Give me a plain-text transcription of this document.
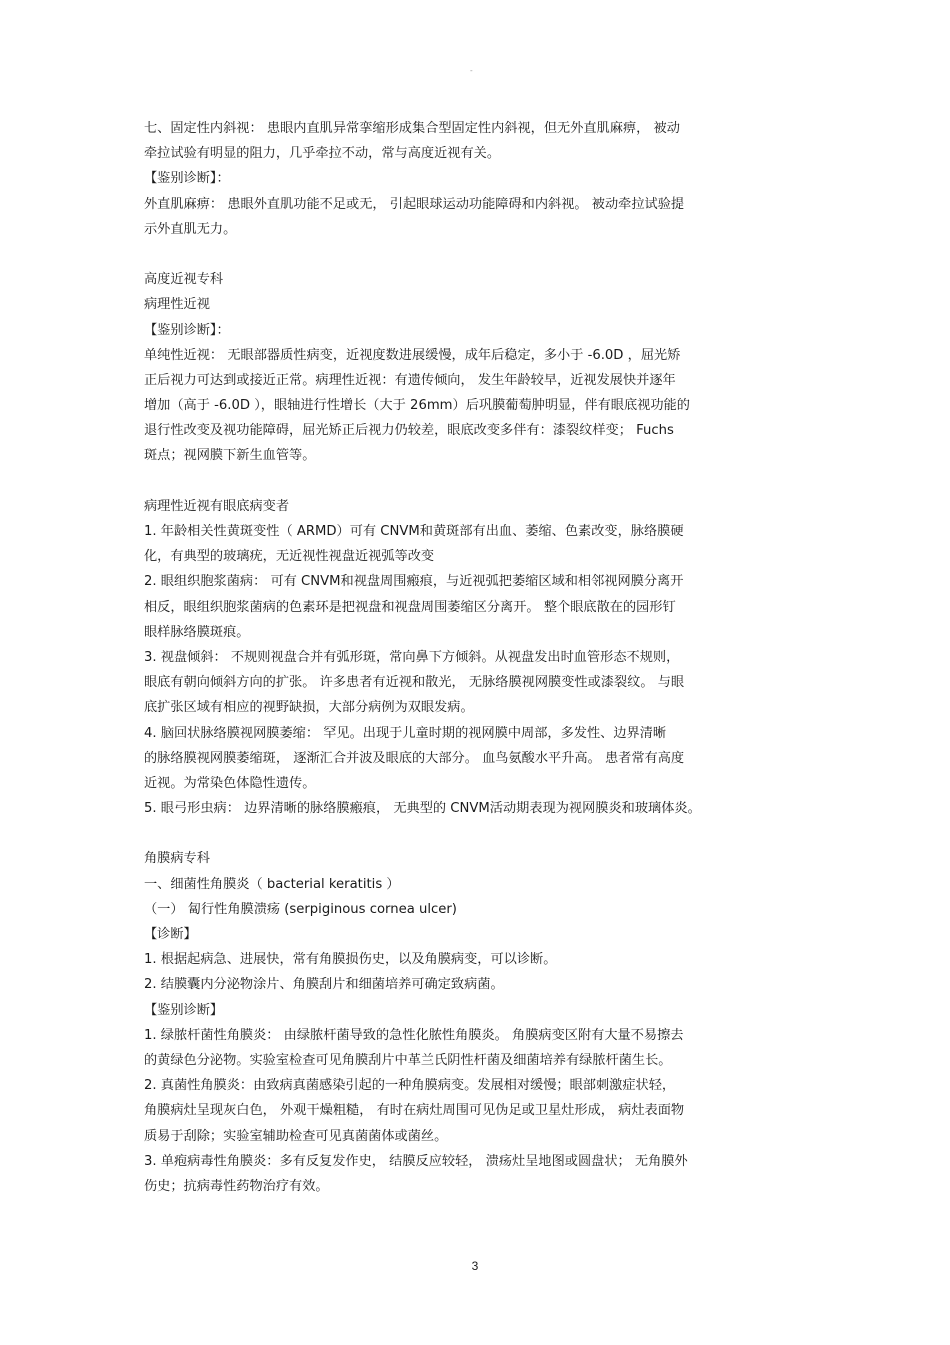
-
七、固定性内斜视： 患眼内直肌异常挛缩形成集合型固定性内斜视，但无外直肌麻痹， 被动
牵拉试验有明显的阻力，几乎牵拉不动，常与高度近视有关。
【鉴别诊断】：
外直肌麻痹： 患眼外直肌功能不足或无， 引起眼球运动功能障碍和内斜视。 被动牵拉试验提
示外直肌无力。
高度近视专科
病理性近视
【鉴别诊断】：
单纯性近视： 无眼部器质性病变，近视度数进展缓慢，成年后稳定，多小于 -6.0D ，屈光矫
正后视力可达到或接近正常。病理性近视：有遗传倾向， 发生年龄较早，近视发展快并逐年
增加（高于 -6.0D ），眼轴进行性增长（大于 26mm）后巩膜葡萄肿明显，伴有眼底视功能的
退行性改变及视功能障碍，屈光矫正后视力仍较差，眼底改变多伴有：漆裂纹样变； Fuchs
斑点；视网膜下新生血管等。
病理性近视有眼底病变者
1. 年龄相关性黄斑变性（ ARMD）可有 CNVM和黄斑部有出血、萎缩、色素改变，脉络膜硬
化，有典型的玻璃疣，无近视性视盘近视弧等改变
2. 眼组织胞浆菌病： 可有 CNVM和视盘周围瘢痕，与近视弧把萎缩区域和相邻视网膜分离开
相反，眼组织胞浆菌病的色素环是把视盘和视盘周围萎缩区分离开。 整个眼底散在的园形钉
眼样脉络膜斑痕。
3. 视盘倾斜： 不规则视盘合并有弧形斑，常向鼻下方倾斜。从视盘发出时血管形态不规则，
眼底有朝向倾斜方向的扩张。 许多患者有近视和散光， 无脉络膜视网膜变性或漆裂纹。 与眼
底扩张区域有相应的视野缺损，大部分病例为双眼发病。
4. 脑回状脉络膜视网膜萎缩： 罕见。出现于儿童时期的视网膜中周部，多发性、边界清晰
的脉络膜视网膜萎缩斑， 逐渐汇合并波及眼底的大部分。 血鸟氨酸水平升高。 患者常有高度
近视。为常染色体隐性遗传。
5. 眼弓形虫病： 边界清晰的脉络膜瘢痕， 无典型的 CNVM活动期表现为视网膜炎和玻璃体炎。
角膜病专科
一、细菌性角膜炎（ bacterial keratitis ）
（一） 匐行性角膜溃疡 (serpiginous cornea ulcer)
【诊断】
1. 根据起病急、进展快，常有角膜损伤史，以及角膜病变，可以诊断。
2. 结膜囊内分泌物涂片、角膜刮片和细菌培养可确定致病菌。
【鉴别诊断】
1. 绿脓杆菌性角膜炎： 由绿脓杆菌导致的急性化脓性角膜炎。 角膜病变区附有大量不易擦去
的黄绿色分泌物。实验室检查可见角膜刮片中革兰氏阴性杆菌及细菌培养有绿脓杆菌生长。
2. 真菌性角膜炎：由致病真菌感染引起的一种角膜病变。发展相对缓慢；眼部刺激症状轻，
角膜病灶呈现灰白色， 外观干燥粗糙， 有时在病灶周围可见伪足或卫星灶形成， 病灶表面物
质易于刮除；实验室辅助检查可见真菌菌体或菌丝。
3. 单疱病毒性角膜炎：多有反复发作史， 结膜反应较轻， 溃疡灶呈地图或圆盘状； 无角膜外
伤史；抗病毒性药物治疗有效。
3
